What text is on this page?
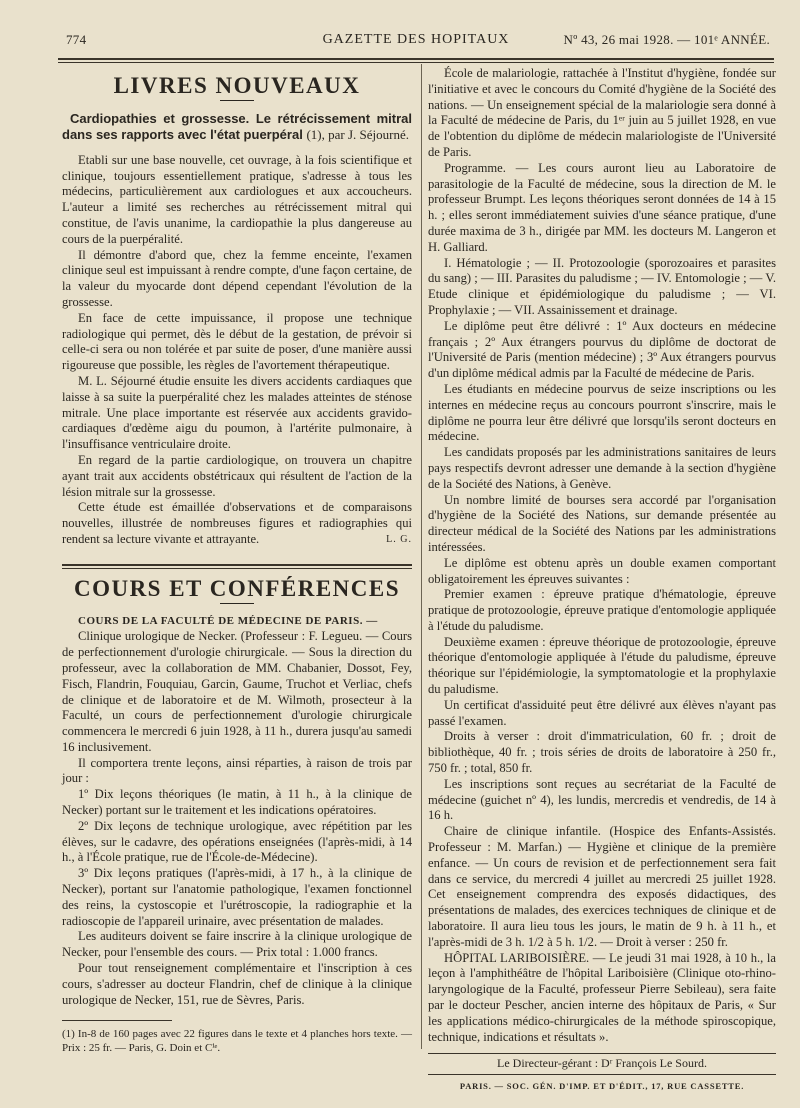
774	GAZETTE DES HOPITAUX	Nº 43, 26 mai 1928. — 101ᵉ ANNÉE.
LIVRES NOUVEAUX
Cardiopathies et grossesse. Le rétrécissement mitral dans ses rapports avec l'état puerpéral (1), par J. Séjourné.

Etabli sur une base nouvelle, cet ouvrage, à la fois scientifique et clinique, toujours essentiellement pratique, s'adresse à tous les médecins, particulièrement aux cardiologues et aux accoucheurs. L'auteur a limité ses recherches au rétrécissement mitral qui constitue, de l'avis unanime, la cardiopathie la plus dangereuse au cours de la puerpéralité.

Il démontre d'abord que, chez la femme enceinte, l'examen clinique seul est impuissant à rendre compte, d'une façon certaine, de la valeur du myocarde dont dépend cependant l'évolution de la grossesse.

En face de cette impuissance, il propose une technique radiologique qui permet, dès le début de la gestation, de prévoir si celle-ci sera ou non tolérée et par suite de poser, d'une manière aussi rigoureuse que possible, les règles de l'avortement thérapeutique.

M. L. Séjourné étudie ensuite les divers accidents cardiaques que laisse à sa suite la puerpéralité chez les malades atteintes de sténose mitrale. Une place importante est réservée aux accidents gravido-cardiaques d'œdème aigu du poumon, à l'artérite pulmonaire, à l'insuffisance ventriculaire droite.

En regard de la partie cardiologique, on trouvera un chapitre ayant trait aux accidents obstétricaux qui résultent de l'action de la lésion mitrale sur la grossesse.

Cette étude est émaillée d'observations et de comparaisons nouvelles, illustrée de nombreuses figures et radiographies qui rendent sa lecture vivante et attrayante.	L. G.

COURS ET CONFÉRENCES

COURS DE LA FACULTÉ DE MÉDECINE DE PARIS. —

Clinique urologique de Necker. (Professeur : F. Legueu. — Cours de perfectionnement d'urologie chirurgicale. — Sous la direction du professeur, avec la collaboration de MM. Chabanier, Dossot, Fey, Fisch, Flandrin, Fouquiau, Garcin, Gaume, Truchot et Verliac, chefs de clinique et de laboratoire et de M. Wilmoth, prosecteur à la Faculté, un cours de perfectionnement d'urologie chirurgicale commencera le mercredi 6 juin 1928, à 11 h., durera jusqu'au samedi 16 inclusivement.

Il comportera trente leçons, ainsi réparties, à raison de trois par jour :

1º Dix leçons théoriques (le matin, à 11 h., à la clinique de Necker) portant sur le traitement et les indications opératoires.

2º Dix leçons de technique urologique, avec répétition par les élèves, sur le cadavre, des opérations enseignées (l'après-midi, à 14 h., à l'École pratique, rue de l'École-de-Médecine).

3º Dix leçons pratiques (l'après-midi, à 17 h., à la clinique de Necker), portant sur l'anatomie pathologique, l'examen fonctionnel des reins, la cystoscopie et l'urétroscopie, la radiographie et la radioscopie de l'appareil urinaire, avec présentation de malades.

Les auditeurs doivent se faire inscrire à la clinique urologique de Necker, pour l'ensemble des cours. — Prix total : 1.000 francs.

Pour tout renseignement complémentaire et l'inscription à ces cours, s'adresser au docteur Flandrin, chef de clinique à la clinique urologique de Necker, 151, rue de Sèvres, Paris.

(1) In-8 de 160 pages avec 22 figures dans le texte et 4 planches hors texte. — Prix : 25 fr. — Paris, G. Doin et Cⁱᵉ.

École de malariologie, rattachée à l'Institut d'hygiène, fondée sur l'initiative et avec le concours du Comité d'hygiène de la Société des nations. — Un enseignement spécial de la malariologie sera donné à la Faculté de médecine de Paris, du 1ᵉʳ juin au 5 juillet 1928, en vue de l'obtention du diplôme de médecin malariologiste de l'Université de Paris.

Programme. — Les cours auront lieu au Laboratoire de parasitologie de la Faculté de médecine, sous la direction de M. le professeur Brumpt. Les leçons théoriques seront données de 14 à 15 h. ; elles seront immédiatement suivies d'une séance pratique, d'une durée maxima de 3 h., dirigée par MM. les docteurs M. Langeron et H. Galliard.

I. Hématologie ; — II. Protozoologie (sporozoaires et parasites du sang) ; — III. Parasites du paludisme ; — IV. Entomologie ; — V. Etude clinique et épidémiologique du paludisme ; — VI. Prophylaxie ; — VII. Assainissement et drainage.

Le diplôme peut être délivré : 1º Aux docteurs en médecine français ; 2º Aux étrangers pourvus du diplôme de doctorat de l'Université de Paris (mention médecine) ; 3º Aux étrangers pourvus d'un diplôme médical admis par la Faculté de médecine de Paris.

Les étudiants en médecine pourvus de seize inscriptions ou les internes en médecine reçus au concours pourront s'inscrire, mais le diplôme ne pourra leur être délivré que lorsqu'ils seront docteurs en médecine.

Les candidats proposés par les administrations sanitaires de leurs pays respectifs devront adresser une demande à la section d'hygiène de la Société des Nations, à Genève.

Un nombre limité de bourses sera accordé par l'organisation d'hygiène de la Société des Nations, sur demande présentée au directeur médical de la Société des Nations par les administrations intéressées.

Le diplôme est obtenu après un double examen comportant obligatoirement les épreuves suivantes :

Premier examen : épreuve pratique d'hématologie, épreuve pratique de protozoologie, épreuve pratique d'entomologie appliquée à l'étude du paludisme.

Deuxième examen : épreuve théorique de protozoologie, épreuve théorique d'entomologie appliquée à l'étude du paludisme, épreuve théorique sur l'épidémiologie, la symptomatologie et la prophylaxie du paludisme.

Un certificat d'assiduité peut être délivré aux élèves n'ayant pas passé l'examen.

Droits à verser : droit d'immatriculation, 60 fr. ; droit de bibliothèque, 40 fr. ; trois séries de droits de laboratoire à 250 fr., 750 fr. ; total, 850 fr.

Les inscriptions sont reçues au secrétariat de la Faculté de médecine (guichet nº 4), les lundis, mercredis et vendredis, de 14 à 16 h.

Chaire de clinique infantile. (Hospice des Enfants-Assistés. Professeur : M. Marfan.) — Hygiène et clinique de la première enfance. — Un cours de revision et de perfectionnement sera fait dans ce service, du mercredi 4 juillet au mercredi 25 juillet 1928. Cet enseignement comprendra des exposés didactiques, des présentations de malades, des exercices techniques de clinique et de laboratoire. Il aura lieu tous les jours, le matin de 9 h. à 11 h., et l'après-midi de 3 h. 1/2 à 5 h. 1/2. — Droit à verser : 250 fr.

HÔPITAL LARIBOISIÈRE. — Le jeudi 31 mai 1928, à 10 h., la leçon à l'amphithéâtre de l'hôpital Lariboisière (Clinique oto-rhino-laryngologique de la Faculté, professeur Pierre Sebileau), sera faite par le docteur Pescher, ancien interne des hôpitaux de Paris, « Sur les applications médico-chirurgicales de la méthode spiroscopique, technique, indications et résultats ».

Le Directeur-gérant : Dʳ François Le Sourd.

PARIS. — SOC. GÉN. D'IMP. ET D'ÉDIT., 17, RUE CASSETTE.
